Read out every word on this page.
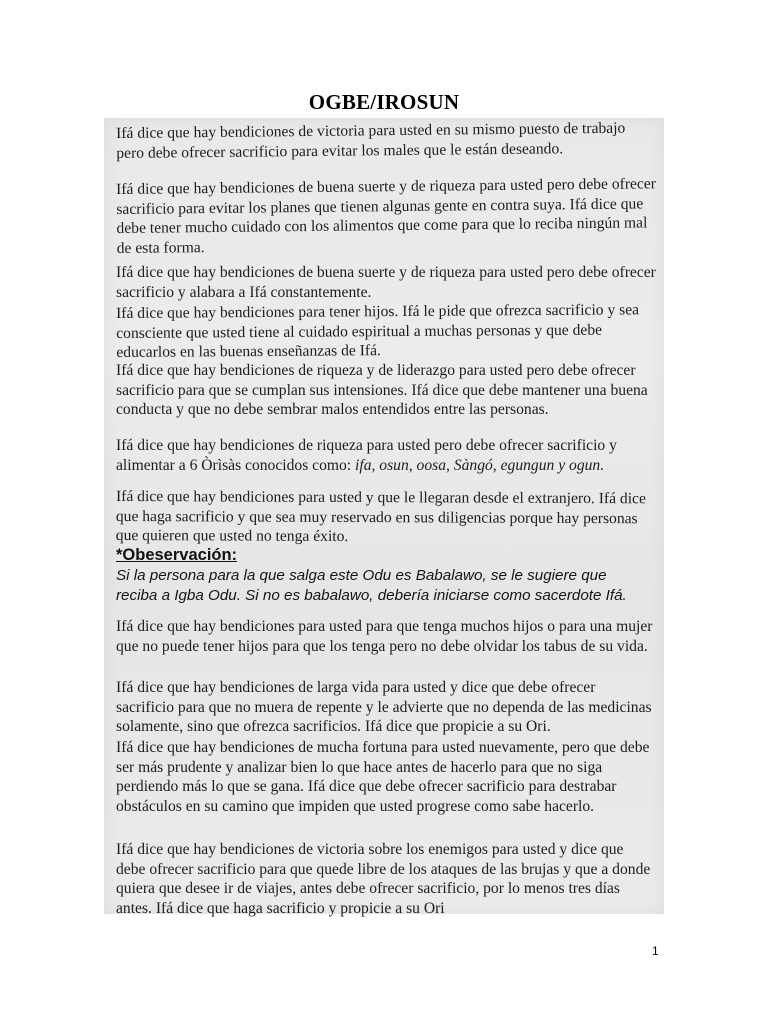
OGBE/IROSUN

Ifá dice que hay bendiciones de victoria para usted en su mismo puesto de trabajo pero debe ofrecer sacrificio para evitar los males que le están deseando.

Ifá dice que hay bendiciones de buena suerte y de riqueza para usted pero debe ofrecer sacrificio para evitar los planes que tienen algunas gente en contra suya. Ifá dice que debe tener mucho cuidado con los alimentos que come para que lo reciba ningún mal de esta forma.

Ifá dice que hay bendiciones de buena suerte y de riqueza para usted pero debe ofrecer sacrificio y alabara a Ifá constantemente.

Ifá dice que hay bendiciones para tener hijos. Ifá le pide que ofrezca sacrificio y sea consciente que usted tiene al cuidado espiritual a muchas personas y que debe educarlos en las buenas enseñanzas de Ifá.

Ifá dice que hay bendiciones de riqueza y de liderazgo para usted pero debe ofrecer sacrificio para que se cumplan sus intensiones. Ifá dice que debe mantener una buena conducta y que no debe sembrar malos entendidos entre las personas.

Ifá dice que hay bendiciones de riqueza para usted pero debe ofrecer sacrificio y alimentar a 6 Òrìsàs conocidos como: ifa, osun, oosa, Sàngó, egungun y ogun.

Ifá dice que hay bendiciones para usted y que le llegaran desde el extranjero. Ifá dice que haga sacrificio y que sea muy reservado en sus diligencias porque hay personas que quieren que usted no tenga éxito.

*Obeservación:

Si la persona para la que salga este Odu es Babalawo, se le sugiere que reciba a Igba Odu. Si no es babalawo, debería iniciarse como sacerdote Ifá.

Ifá dice que hay bendiciones para usted para que tenga muchos hijos o para una mujer que no puede tener hijos para que los tenga pero no debe olvidar los tabus de su vida.

Ifá dice que hay bendiciones de larga vida para usted y dice que debe ofrecer sacrificio para que no muera de repente y le advierte que no dependa de las medicinas solamente, sino que ofrezca sacrificios. Ifá dice que propicie a su Ori.

Ifá dice que hay bendiciones de mucha fortuna para usted nuevamente, pero que debe ser más prudente y analizar bien lo que hace antes de hacerlo para que no siga perdiendo más lo que se gana. Ifá dice que debe ofrecer sacrificio para destrabar obstáculos en su camino que impiden que usted progrese como sabe hacerlo.

Ifá dice que hay bendiciones de victoria sobre los enemigos para usted y dice que debe ofrecer sacrificio para que quede libre de los ataques de las brujas y que a donde quiera que desee ir de viajes, antes debe ofrecer sacrificio, por lo menos tres días antes. Ifá dice que haga sacrificio y propicie a su Ori

1
